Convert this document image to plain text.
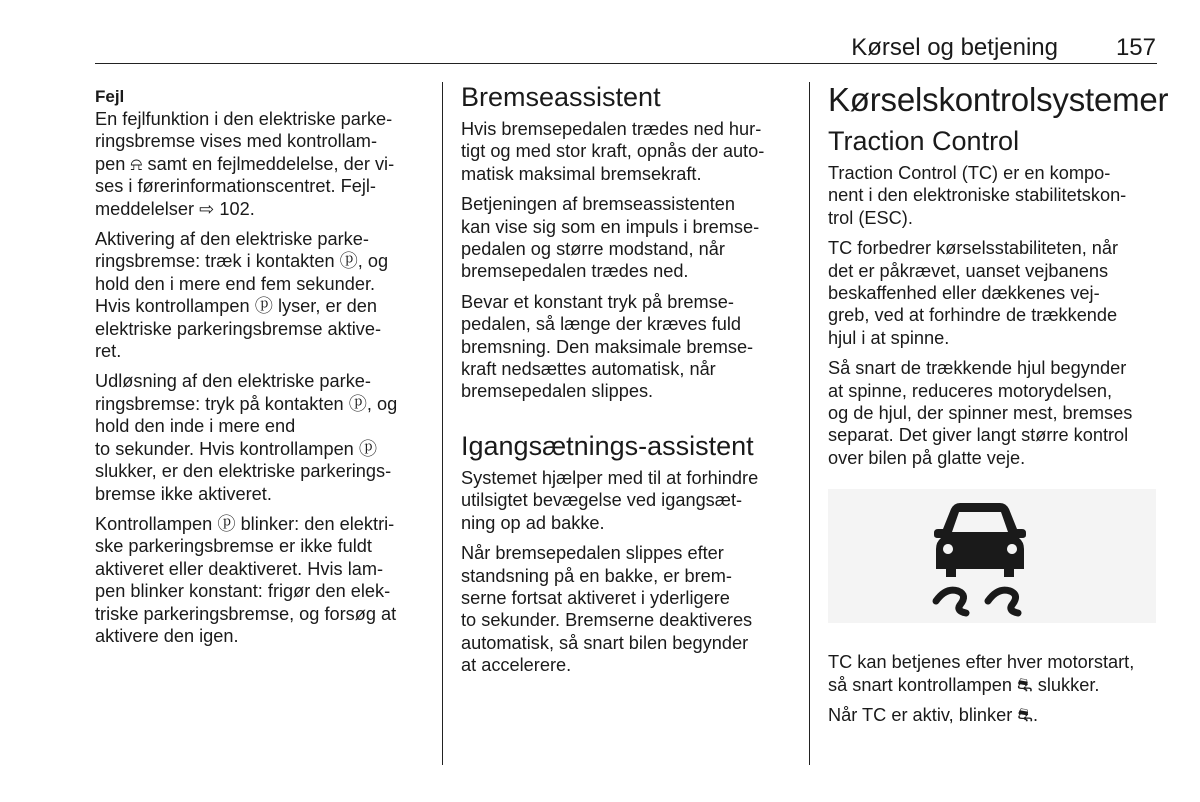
Kørsel og betjening 157
Fejl

En fejlfunktion i den elektriske parke-
ringsbremse vises med kontrollam-
pen ⍾ samt en fejlmeddelelse, der vi-
ses i førerinformationscentret. Fejl-
meddelelser ⇨ 102.

Aktivering af den elektriske parke-
ringsbremse: træk i kontakten ⓟ, og
hold den i mere end fem sekunder.
Hvis kontrollampen ⓟ lyser, er den
elektriske parkeringsbremse aktive-
ret.

Udløsning af den elektriske parke-
ringsbremse: tryk på kontakten ⓟ, og
hold den inde i mere end
to sekunder. Hvis kontrollampen ⓟ
slukker, er den elektriske parkerings-
bremse ikke aktiveret.

Kontrollampen ⓟ blinker: den elektri-
ske parkeringsbremse er ikke fuldt
aktiveret eller deaktiveret. Hvis lam-
pen blinker konstant: frigør den elek-
triske parkeringsbremse, og forsøg at
aktivere den igen.

Bremseassistent

Hvis bremsepedalen trædes ned hur-
tigt og med stor kraft, opnås der auto-
matisk maksimal bremsekraft.

Betjeningen af bremseassistenten
kan vise sig som en impuls i bremse-
pedalen og større modstand, når
bremsepedalen trædes ned.

Bevar et konstant tryk på bremse-
pedalen, så længe der kræves fuld
bremsning. Den maksimale bremse-
kraft nedsættes automatisk, når
bremsepedalen slippes.

Igangsætnings-assistent

Systemet hjælper med til at forhindre
utilsigtet bevægelse ved igangsæt-
ning op ad bakke.

Når bremsepedalen slippes efter
standsning på en bakke, er brem-
serne fortsat aktiveret i yderligere
to sekunder. Bremserne deaktiveres
automatisk, så snart bilen begynder
at accelerere.

Kørselskontrolsystemer
Traction Control

Traction Control (TC) er en kompo-
nent i den elektroniske stabilitetskon-
trol (ESC).

TC forbedrer kørselsstabiliteten, når
det er påkrævet, uanset vejbanens
beskaffenhed eller dækkenes vej-
greb, ved at forhindre de trækkende
hjul i at spinne.

Så snart de trækkende hjul begynder
at spinne, reduceres motorydelsen,
og de hjul, der spinner mest, bremses
separat. Det giver langt større kontrol
over bilen på glatte veje.

TC kan betjenes efter hver motorstart,
så snart kontrollampen ⛐ slukker.

Når TC er aktiv, blinker ⛐.
